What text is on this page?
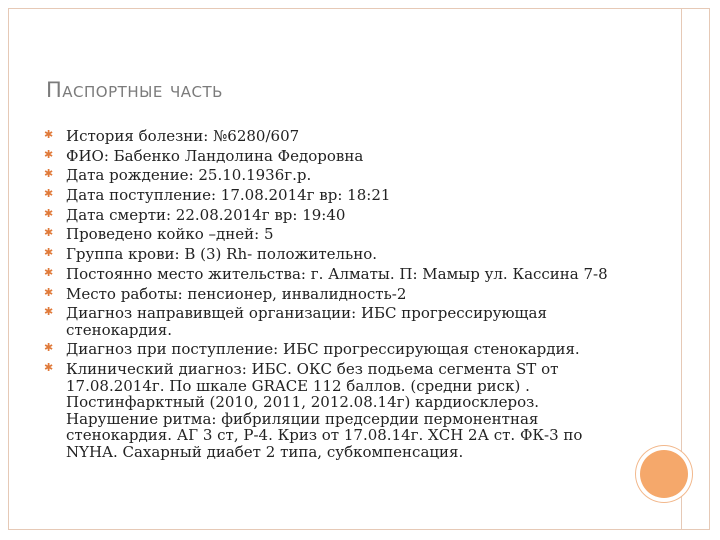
Паспортные часть
✱ История болезни: №6280/607
✱ ФИО: Бабенко Ландолина Федоровна
✱ Дата рождение: 25.10.1936г.р.
✱ Дата поступление: 17.08.2014г вр: 18:21
✱ Дата смерти: 22.08.2014г вр: 19:40
✱ Проведено койко –дней: 5
✱ Группа крови: B (3) Rh- положительно.
✱ Постоянно место жительства: г. Алматы. П: Мамыр ул. Кассина 7-8
✱ Место работы: пенсионер, инвалидность-2
✱ Диагноз направивщей организации: ИБС прогрессирующая стенокардия.
✱ Диагноз при поступление: ИБС прогрессирующая стенокардия.
✱ Клинический диагноз: ИБС. ОКС без подьема сегмента ST от 17.08.2014г. По шкале GRACE 112 баллов. (средни риск) . Постинфарктный (2010, 2011, 2012.08.14г) кардиосклероз. Нарушение ритма: фибриляции предсердии пермонентная стенокардия. АГ 3 ст, Р-4. Криз от 17.08.14г. ХСН 2А ст. ФК-3 по NYHA. Сахарный диабет 2 типа, субкомпенсация.
